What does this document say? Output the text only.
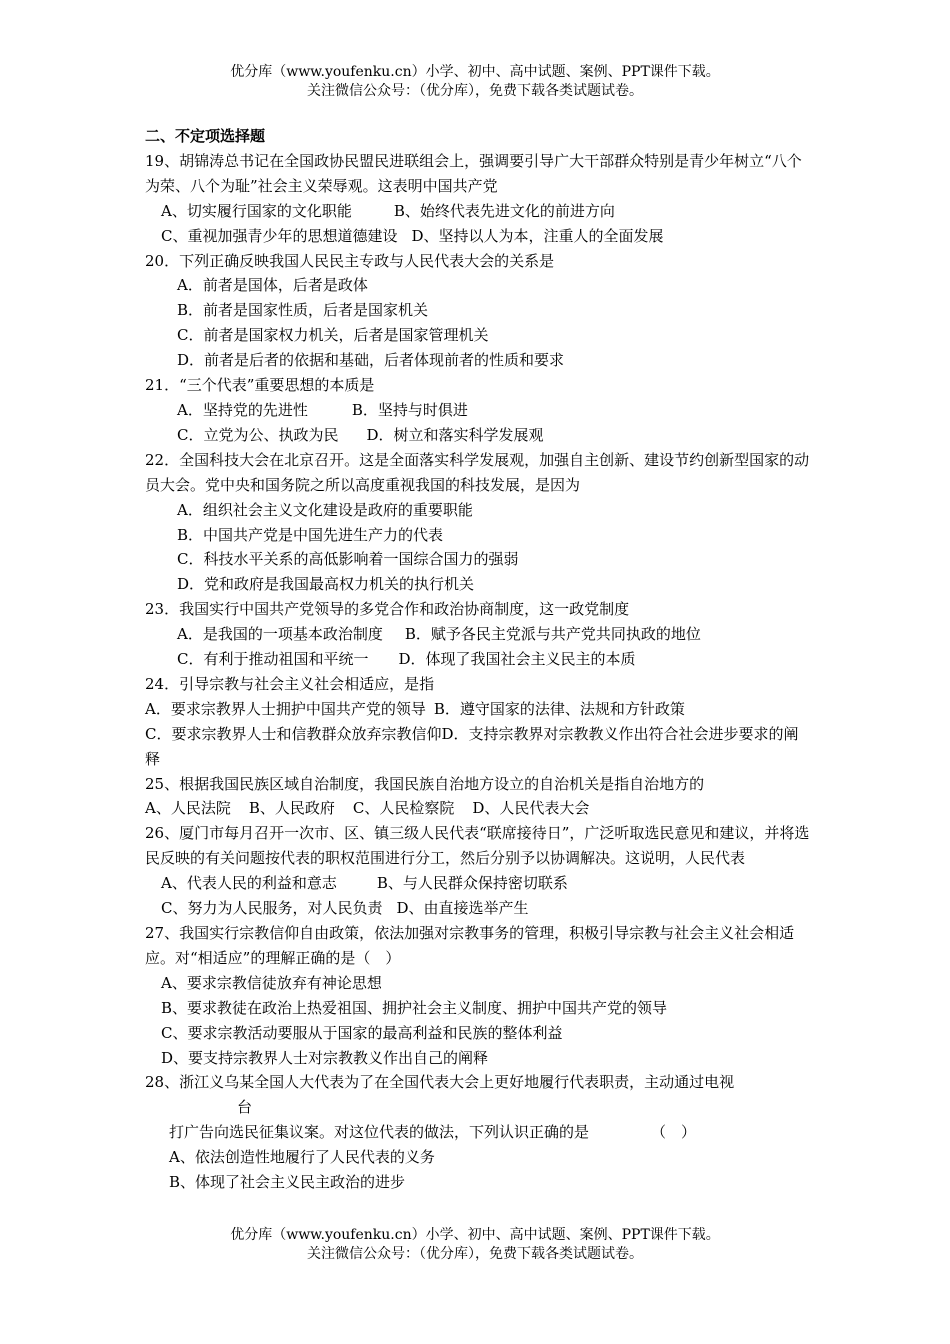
优分库（www.youfenku.cn）小学、初中、高中试题、案例、PPT课件下载。
关注微信公众号：（优分库），免费下载各类试题试卷。
二、不定项选择题
19、胡锦涛总书记在全国政协民盟民进联组会上，强调要引导广大干部群众特别是青少年树立“八个为荣、八个为耻”社会主义荣辱观。这表明中国共产党
A、切实履行国家的文化职能	B、始终代表先进文化的前进方向
C、重视加强青少年的思想道德建设 D、坚持以人为本，注重人的全面发展
20．下列正确反映我国人民民主专政与人民代表大会的关系是
A．前者是国体，后者是政体
B．前者是国家性质，后者是国家机关
C．前者是国家权力机关，后者是国家管理机关
D．前者是后者的依据和基础，后者体现前者的性质和要求
21．“三个代表”重要思想的本质是
A．坚持党的先进性	B．坚持与时俱进
C．立党为公、执政为民 D．树立和落实科学发展观
22．全国科技大会在北京召开。这是全面落实科学发展观，加强自主创新、建设节约创新型国家的动员大会。党中央和国务院之所以高度重视我国的科技发展，是因为
A．组织社会主义文化建设是政府的重要职能
B．中国共产党是中国先进生产力的代表
C．科技水平关系的高低影响着一国综合国力的强弱
D．党和政府是我国最高权力机关的执行机关
23．我国实行中国共产党领导的多党合作和政治协商制度，这一政党制度
A．是我国的一项基本政治制度 B．赋予各民主党派与共产党共同执政的地位
C．有利于推动祖国和平统一 D．体现了我国社会主义民主的本质
24．引导宗教与社会主义社会相适应，是指
A．要求宗教界人士拥护中国共产党的领导 B．遵守国家的法律、法规和方针政策
C．要求宗教界人士和信教群众放弃宗教信仰D．支持宗教界对宗教教义作出符合社会进步要求的阐释
25、根据我国民族区域自治制度，我国民族自治地方设立的自治机关是指自治地方的
A、人民法院 B、人民政府 C、人民检察院 D、人民代表大会
26、厦门市每月召开一次市、区、镇三级人民代表“联席接待日”，广泛听取选民意见和建议，并将选民反映的有关问题按代表的职权范围进行分工，然后分别予以协调解决。这说明，人民代表
A、代表人民的利益和意志	B、与人民群众保持密切联系
C、努力为人民服务，对人民负责 D、由直接选举产生
27、我国实行宗教信仰自由政策，依法加强对宗教事务的管理，积极引导宗教与社会主义社会相适应。对“相适应”的理解正确的是（　）
A、要求宗教信徒放弃有神论思想
B、要求教徒在政治上热爱祖国、拥护社会主义制度、拥护中国共产党的领导
C、要求宗教活动要服从于国家的最高利益和民族的整体利益
D、要支持宗教界人士对宗教教义作出自己的阐释
28、浙江义乌某全国人大代表为了在全国代表大会上更好地履行代表职责，主动通过电视
台
打广告向选民征集议案。对这位代表的做法，下列认识正确的是	（　）
A、依法创造性地履行了人民代表的义务
B、体现了社会主义民主政治的进步
优分库（www.youfenku.cn）小学、初中、高中试题、案例、PPT课件下载。
关注微信公众号：（优分库），免费下载各类试题试卷。
